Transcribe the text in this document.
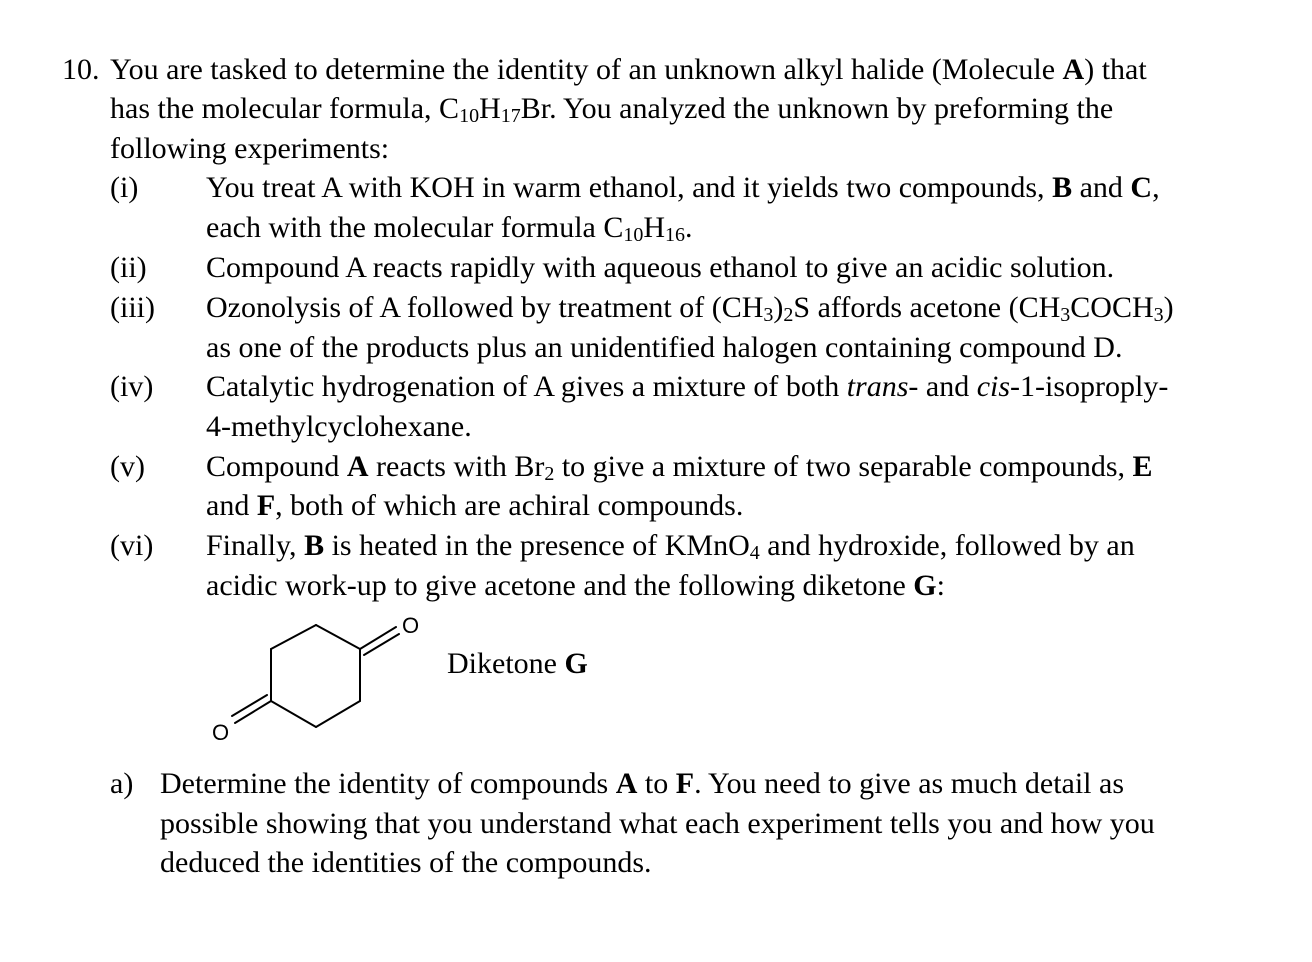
10. You are tasked to determine the identity of an unknown alkyl halide (Molecule A) that
has the molecular formula, $C_{10}H_{17}Br$. You analyzed the unknown by preforming the
following experiments:
(i) You treat A with KOH in warm ethanol, and it yields two compounds, B and C,
each with the molecular formula $C_{10}H_{16}$.
(ii) Compound A reacts rapidly with aqueous ethanol to give an acidic solution.
(iii) Ozonolysis of A followed by treatment of $(CH_3)_2S$ affords acetone $(CH_3COCH_3)$
as one of the products plus an unidentified halogen containing compound D.
(iv) Catalytic hydrogenation of A gives a mixture of both trans- and cis-1-isoproply-
4-methylcyclohexane.
(v) Compound A reacts with $Br_2$ to give a mixture of two separable compounds, E
and F, both of which are achiral compounds.
(vi) Finally, B is heated in the presence of KMnO$_4$ and hydroxide, followed by an
acidic work-up to give acetone and the following diketone G:
O
O
Diketone G
a) Determine the identity of compounds A to F. You need to give as much detail as
possible showing that you understand what each experiment tells you and how you
deduced the identities of the compounds.
